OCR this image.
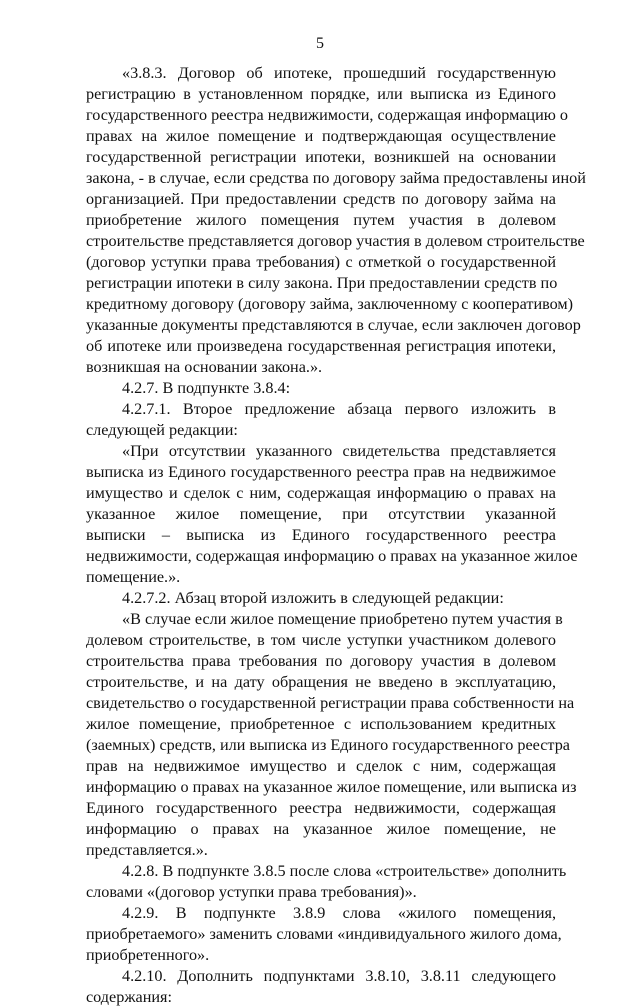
5
«3.8.3. Договор об ипотеке, прошедший государственную
регистрацию в установленном порядке, или выписка из Единого
государственного реестра недвижимости, содержащая информацию о
правах на жилое помещение и подтверждающая осуществление
государственной регистрации ипотеки, возникшей на основании
закона, - в случае, если средства по договору займа предоставлены иной
организацией. При предоставлении средств по договору займа на
приобретение жилого помещения путем участия в долевом
строительстве представляется договор участия в долевом строительстве
(договор уступки права требования) с отметкой о государственной
регистрации ипотеки в силу закона. При предоставлении средств по
кредитному договору (договору займа, заключенному с кооперативом)
указанные документы представляются в случае, если заключен договор
об ипотеке или произведена государственная регистрация ипотеки,
возникшая на основании закона.».
4.2.7. В подпункте 3.8.4:
4.2.7.1. Второе предложение абзаца первого изложить в
следующей редакции:
«При отсутствии указанного свидетельства представляется
выписка из Единого государственного реестра прав на недвижимое
имущество и сделок с ним, содержащая информацию о правах на
указанное жилое помещение, при отсутствии указанной
выписки – выписка из Единого государственного реестра
недвижимости, содержащая информацию о правах на указанное жилое
помещение.».
4.2.7.2. Абзац второй изложить в следующей редакции:
«В случае если жилое помещение приобретено путем участия в
долевом строительстве, в том числе уступки участником долевого
строительства права требования по договору участия в долевом
строительстве, и на дату обращения не введено в эксплуатацию,
свидетельство о государственной регистрации права собственности на
жилое помещение, приобретенное с использованием кредитных
(заемных) средств, или выписка из Единого государственного реестра
прав на недвижимое имущество и сделок с ним, содержащая
информацию о правах на указанное жилое помещение, или выписка из
Единого государственного реестра недвижимости, содержащая
информацию о правах на указанное жилое помещение, не
представляется.».
4.2.8. В подпункте 3.8.5 после слова «строительстве» дополнить
словами «(договор уступки права требования)».
4.2.9. В подпункте 3.8.9 слова «жилого помещения,
приобретаемого» заменить словами «индивидуального жилого дома,
приобретенного».
4.2.10. Дополнить подпунктами 3.8.10, 3.8.11 следующего
содержания:
